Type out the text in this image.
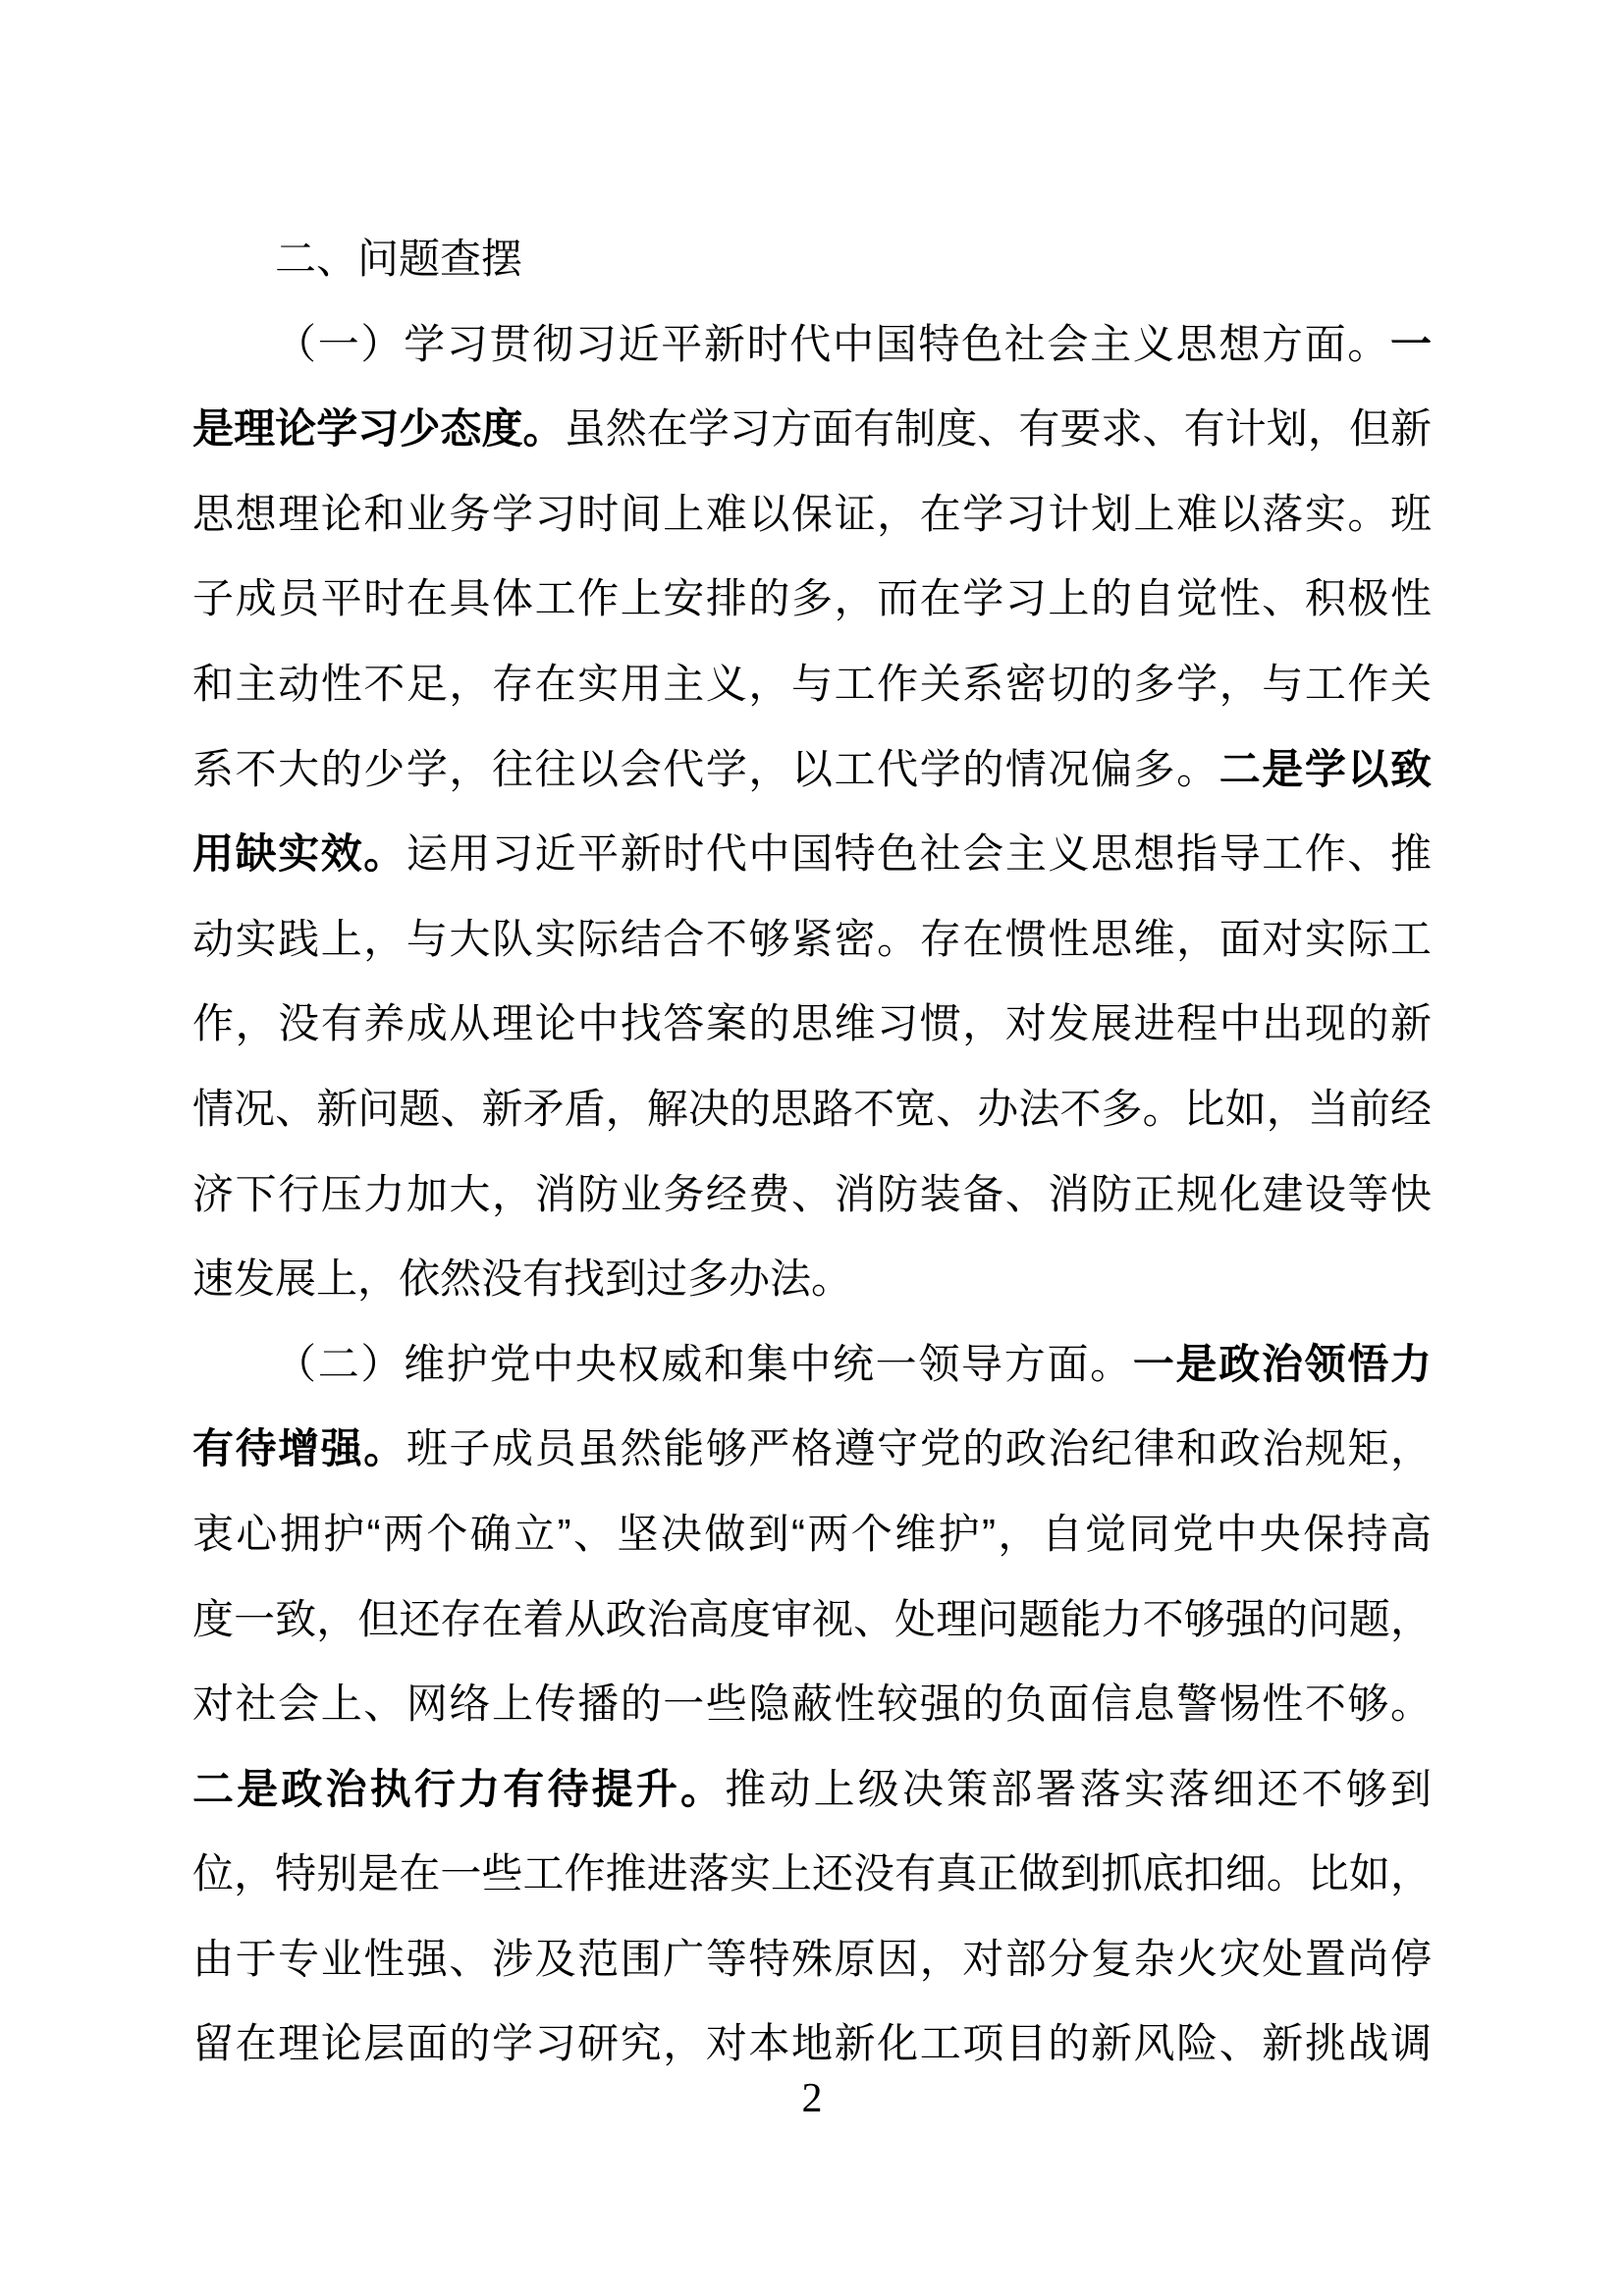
二、问题查摆
（一）学习贯彻习近平新时代中国特色社会主义思想方面。一
是理论学习少态度。虽然在学习方面有制度、有要求、有计划，但新
思想理论和业务学习时间上难以保证，在学习计划上难以落实。班
子成员平时在具体工作上安排的多，而在学习上的自觉性、积极性
和主动性不足，存在实用主义，与工作关系密切的多学，与工作关
系不大的少学，往往以会代学，以工代学的情况偏多。二是学以致
用缺实效。运用习近平新时代中国特色社会主义思想指导工作、推
动实践上，与大队实际结合不够紧密。存在惯性思维，面对实际工
作，没有养成从理论中找答案的思维习惯，对发展进程中出现的新
情况、新问题、新矛盾，解决的思路不宽、办法不多。比如，当前经
济下行压力加大，消防业务经费、消防装备、消防正规化建设等快
速发展上，依然没有找到过多办法。
（二）维护党中央权威和集中统一领导方面。一是政治领悟力
有待增强。班子成员虽然能够严格遵守党的政治纪律和政治规矩，
衷心拥护“两个确立”、坚决做到“两个维护”，自觉同党中央保持高
度一致，但还存在着从政治高度审视、处理问题能力不够强的问题，
对社会上、网络上传播的一些隐蔽性较强的负面信息警惕性不够。
二是政治执行力有待提升。推动上级决策部署落实落细还不够到
位，特别是在一些工作推进落实上还没有真正做到抓底扣细。比如，
由于专业性强、涉及范围广等特殊原因，对部分复杂火灾处置尚停
留在理论层面的学习研究，对本地新化工项目的新风险、新挑战调
2
